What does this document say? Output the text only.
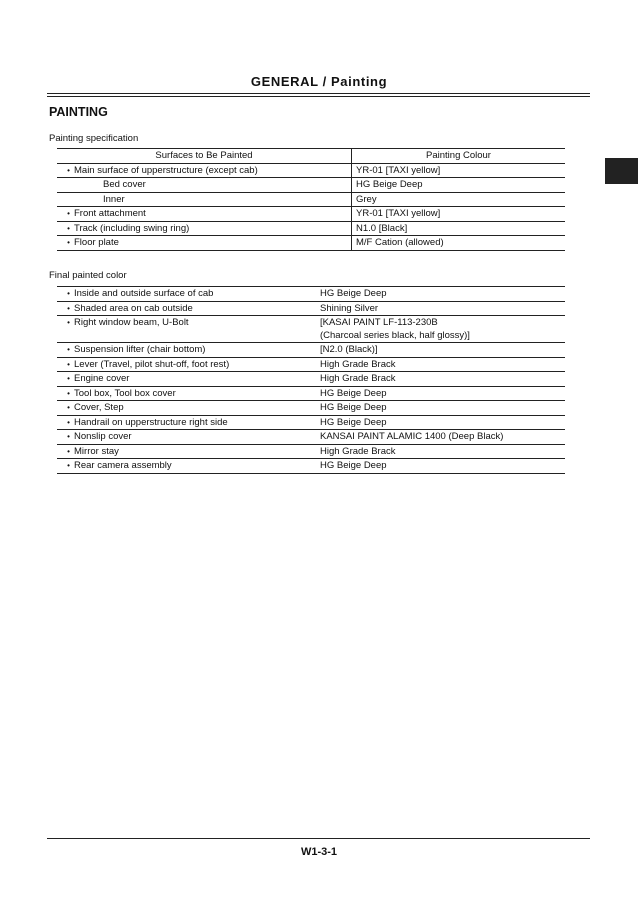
GENERAL / Painting
PAINTING
Painting specification
Surfaces to Be Painted	Painting Colour
• Main surface of upperstructure (except cab)	YR-01 [TAXI yellow]
Bed cover	HG Beige Deep
Inner	Grey
• Front attachment	YR-01 [TAXI yellow]
• Track (including swing ring)	N1.0 [Black]
• Floor plate	M/F Cation (allowed)
Final painted color
• Inside and outside surface of cab	HG Beige Deep
• Shaded area on cab outside	Shining Silver
• Right window beam, U-Bolt	[KASAI PAINT LF-113-230B
(Charcoal series black, half glossy)]

• Suspension lifter (chair bottom)	[N2.0 (Black)]
• Lever (Travel, pilot shut-off, foot rest)	High Grade Brack
• Engine cover	High Grade Brack
• Tool box, Tool box cover	HG Beige Deep
• Cover, Step	HG Beige Deep
• Handrail on upperstructure right side	HG Beige Deep
• Nonslip cover	KANSAI PAINT ALAMIC 1400 (Deep Black)
• Mirror stay	High Grade Brack
• Rear camera assembly	HG Beige Deep
W1-3-1
